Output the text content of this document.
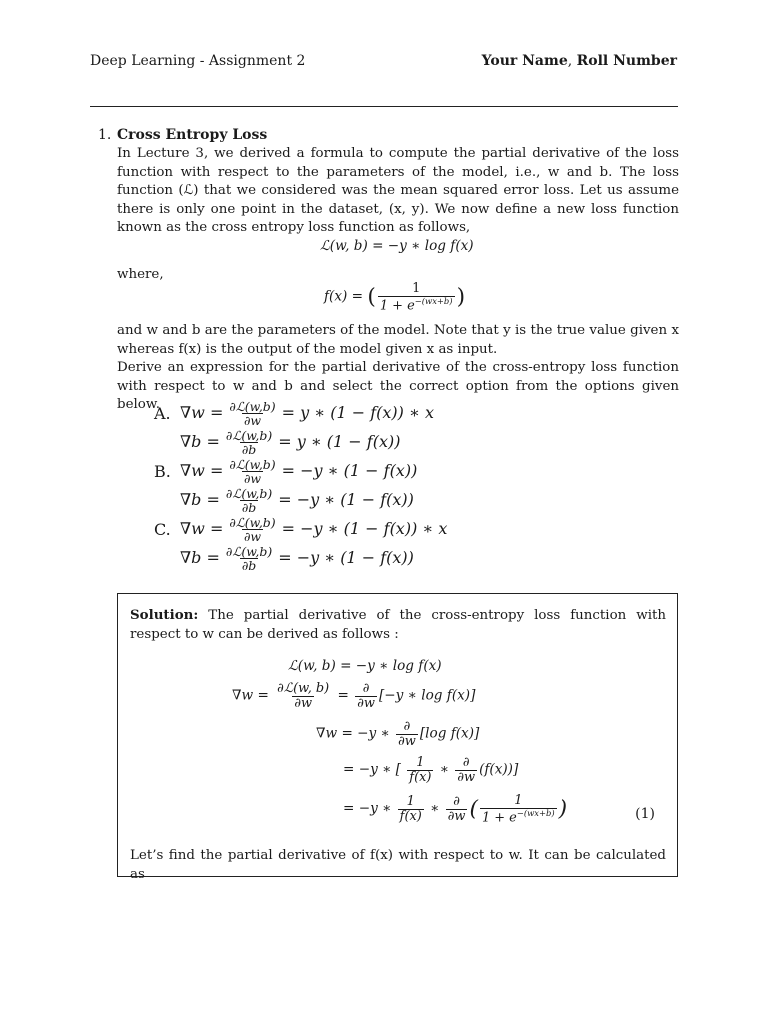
Deep Learning - Assignment 2	Your Name, Roll Number
1. Cross Entropy Loss

In Lecture 3, we derived a formula to compute the partial derivative of the loss function with respect to the parameters of the model, i.e., w and b. The loss function (ℒ) that we considered was the mean squared error loss. Let us assume there is only one point in the dataset, (x, y). We now define a new loss function known as the cross entropy loss function as follows,

ℒ(w, b) = −y ∗ log f(x)

where,

f(x) = ( $\frac{1}{1 + e^{-(wx+b)}}$ )

and w and b are the parameters of the model. Note that y is the true value given x whereas f(x) is the output of the model given x as input.

Derive an expression for the partial derivative of the cross-entropy loss function with respect to w and b and select the correct option from the options given below.

A. $\nabla w = \frac{\text{∂ℒ(w,b)}}{\partial w} = y$ ∗ (1 − f(x)) ∗ x
$\nabla b = \frac{\text{∂ℒ(w,b)}}{\partial b} = y$ ∗ (1 − f(x))
B. $\nabla w = \frac{\text{∂ℒ(w,b)}}{\partial w} = -y$ ∗ (1 − f(x))
$\nabla b = \frac{\text{∂ℒ(w,b)}}{\partial b} = -y$ ∗ (1 − f(x))
C. $\nabla w = \frac{\text{∂ℒ(w,b)}}{\partial w} = -y$ ∗ (1 − f(x)) ∗ x
$\nabla b = \frac{\text{∂ℒ(w,b)}}{\partial b} = -y$ ∗ (1 − f(x))

Solution: The partial derivative of the cross-entropy loss function with respect to w can be derived as follows :

ℒ(w, b) = −y ∗ log f(x)
$\nabla w = \frac{\text{∂ℒ(w, b)}}{\partial w} = \frac{\partial}{\partial w} [-y$ ∗ log f(x)]
∇w = −y ∗ $\frac{\partial}{\partial w} [\log$ f(x)]
= −y ∗ [ $\frac{1}{f(x)}$ ∗ $\frac{\partial}{\partial w} (f(x))$]
= −y ∗ $\frac{1}{f(x)}$ ∗ $\frac{\partial}{\partial w}$ ( $\frac{1}{1 + e^{-(wx+b)}}$ )	(1)

Let’s find the partial derivative of f(x) with respect to w. It can be calculated as
